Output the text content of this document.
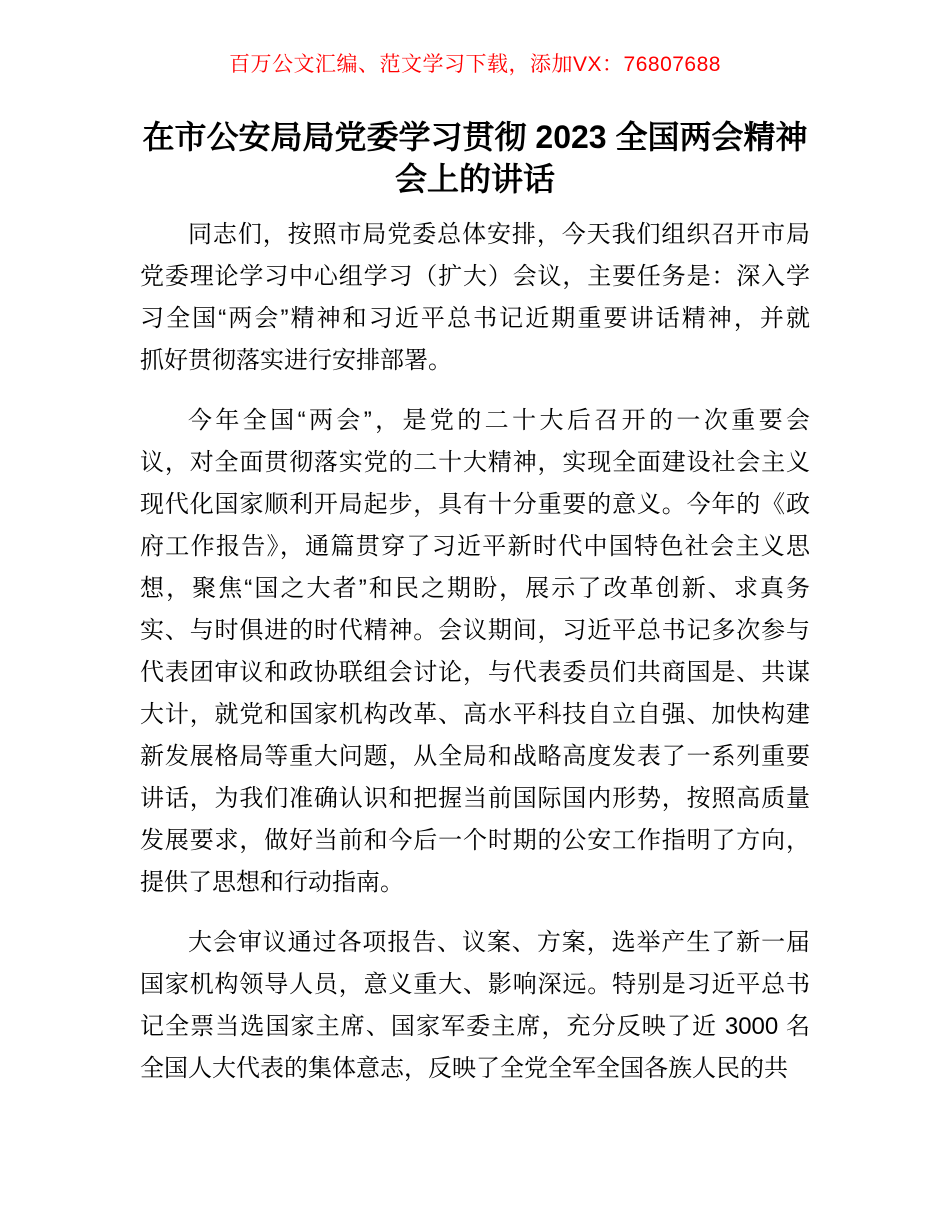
百万公文汇编、范文学习下载，添加VX：76807688
在市公安局局党委学习贯彻 2023 全国两会精神
会上的讲话
同志们，按照市局党委总体安排，今天我们组织召开市局
党委理论学习中心组学习（扩大）会议，主要任务是：深入学
习全国“两会”精神和习近平总书记近期重要讲话精神，并就
抓好贯彻落实进行安排部署。
今年全国“两会”，是党的二十大后召开的一次重要会
议，对全面贯彻落实党的二十大精神，实现全面建设社会主义
现代化国家顺利开局起步，具有十分重要的意义。今年的《政
府工作报告》，通篇贯穿了习近平新时代中国特色社会主义思
想，聚焦“国之大者”和民之期盼，展示了改革创新、求真务
实、与时俱进的时代精神。会议期间，习近平总书记多次参与
代表团审议和政协联组会讨论，与代表委员们共商国是、共谋
大计，就党和国家机构改革、高水平科技自立自强、加快构建
新发展格局等重大问题，从全局和战略高度发表了一系列重要
讲话，为我们准确认识和把握当前国际国内形势，按照高质量
发展要求，做好当前和今后一个时期的公安工作指明了方向，
提供了思想和行动指南。
大会审议通过各项报告、议案、方案，选举产生了新一届
国家机构领导人员，意义重大、影响深远。特别是习近平总书
记全票当选国家主席、国家军委主席，充分反映了近 3000 名
全国人大代表的集体意志，反映了全党全军全国各族人民的共
